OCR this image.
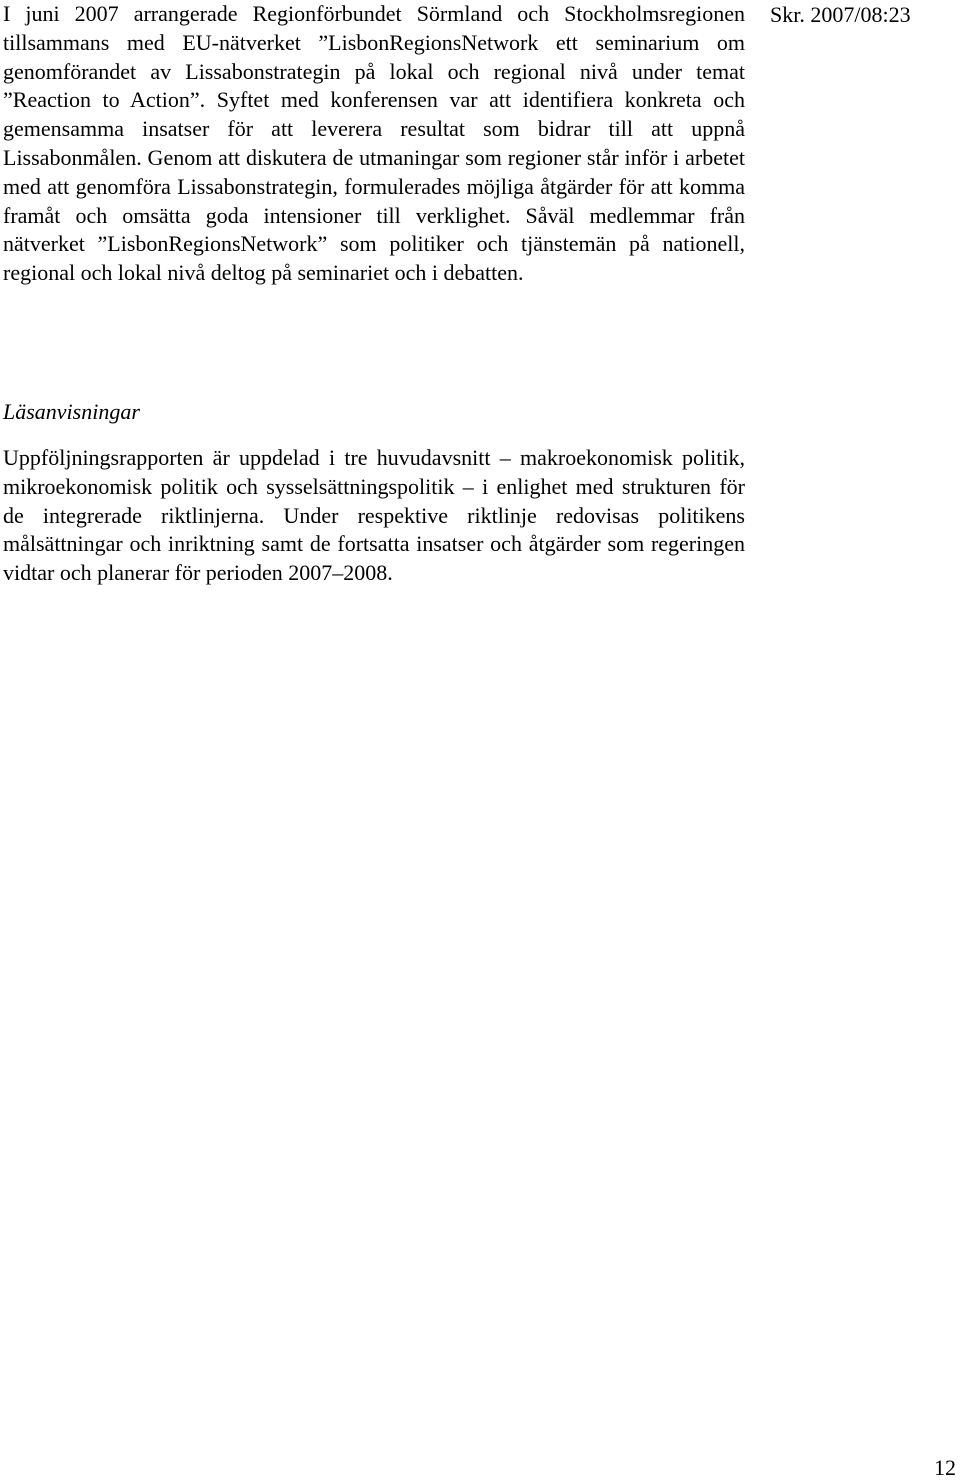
Skr. 2007/08:23

I juni 2007 arrangerade Regionförbundet Sörmland och Stockholmsregionen tillsammans med EU-nätverket ”LisbonRegionsNetwork ett seminarium om genomförandet av Lissabonstrategin på lokal och regional nivå under temat ”Reaction to Action”. Syftet med konferensen var att identifiera konkreta och gemensamma insatser för att leverera resultat som bidrar till att uppnå Lissabonmålen. Genom att diskutera de utmaningar som regioner står inför i arbetet med att genomföra Lissabonstrategin, formulerades möjliga åtgärder för att komma framåt och omsätta goda intensioner till verklighet. Såväl medlemmar från nätverket ”LisbonRegionsNetwork” som politiker och tjänstemän på nationell, regional och lokal nivå deltog på seminariet och i debatten.

Läsanvisningar

Uppföljningsrapporten är uppdelad i tre huvudavsnitt – makroekonomisk politik, mikroekonomisk politik och sysselsättningspolitik – i enlighet med strukturen för de integrerade riktlinjerna. Under respektive riktlinje redovisas politikens målsättningar och inriktning samt de fortsatta insatser och åtgärder som regeringen vidtar och planerar för perioden 2007–2008.

12
